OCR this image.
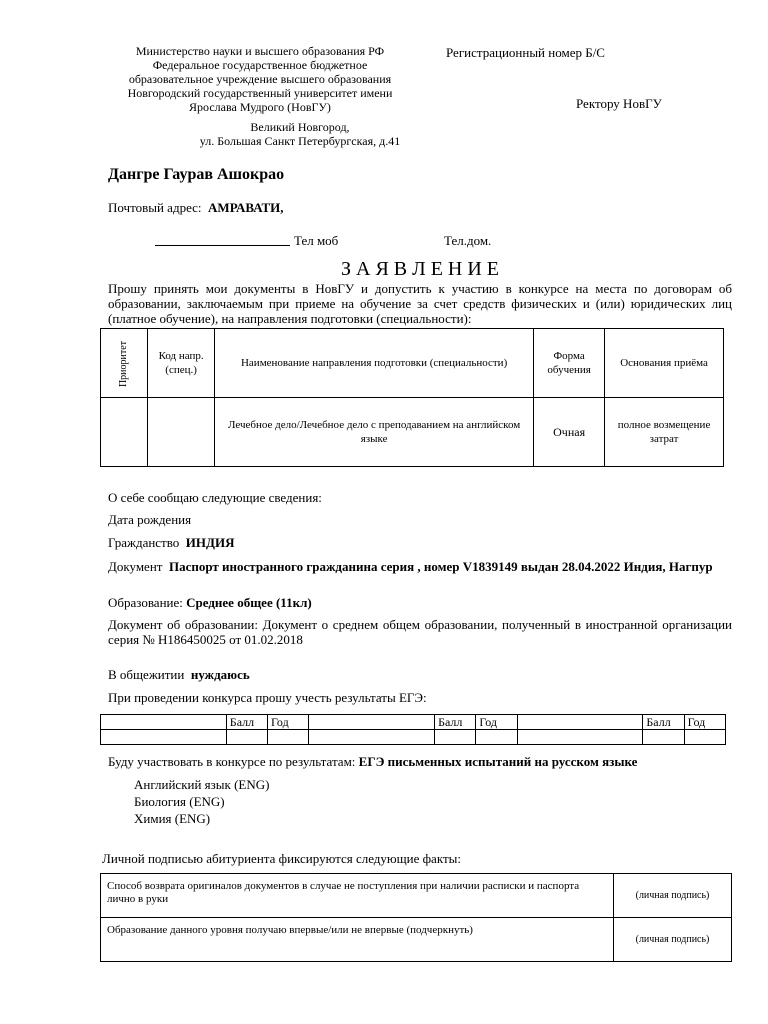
Министерство науки и высшего образования РФ
Федеральное государственное бюджетное
образовательное учреждение высшего образования
Новгородский государственный университет имени
Ярослава Мудрого (НовГУ)
Великий Новгород,
ул. Большая Санкт Петербургская, д.41
Регистрационный номер Б/С
Ректору НовГУ
Дангре Гаурав Ашокрао
Почтовый адрес: АМРАВАТИ,
Тел моб	Тел.дом.
З А Я В Л Е Н И Е
Прошу принять мои документы в НовГУ и допустить к участию в конкурсе на места по договорам об образовании, заключаемым при приеме на обучение за счет средств физических и (или) юридических лиц (платное обучение), на направления подготовки (специальности):
Приоритет	Код напр. (спец.)	Наименование направления подготовки (специальности)	Форма обучения	Основания приёма
		Лечебное дело/Лечебное дело с преподаванием на английском языке	Очная	полное возмещение затрат
О себе сообщаю следующие сведения:
Дата рождения
Гражданство ИНДИЯ
Документ Паспорт иностранного гражданина серия , номер V1839149 выдан 28.04.2022 Индия, Нагпур
Образование: Среднее общее (11кл)
Документ об образовании: Документ о среднем общем образовании, полученный в иностранной организации серия № Н186450025 от 01.02.2018
В общежитии нуждаюсь
При проведении конкурса прошу учесть результаты ЕГЭ:
	Балл	Год		Балл	Год		Балл	Год

Буду участвовать в конкурсе по результатам: ЕГЭ письменных испытаний на русском языке
Английский язык (ENG)
Биология (ENG)
Химия (ENG)
Личной подписью абитуриента фиксируются следующие факты:
Способ возврата оригиналов документов в случае не поступления при наличии расписки и паспорта лично в руки	(личная подпись)
Образование данного уровня получаю впервые/или не впервые (подчеркнуть)	(личная подпись)
